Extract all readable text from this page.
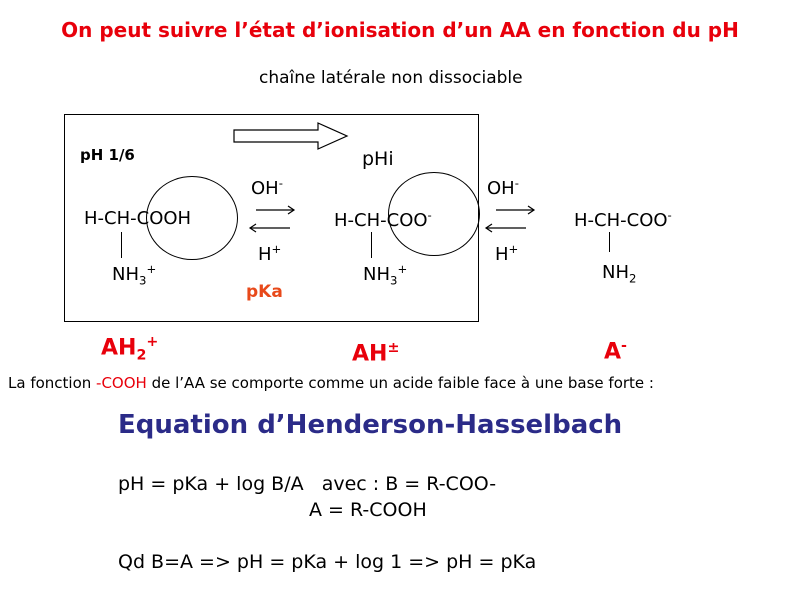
On peut suivre l’état d’ionisation d’un AA en fonction du pH
chaîne latérale non dissociable
pH 1/6	pHi
H-CH-COOH
$NH_3^+$
H-CH-COO-
$NH_3^+$
H-CH-COO-
$NH_2$
OH-
H+
pKa
OH-
H+
$AH_2^+$	AH±	A-
La fonction -COOH de l’AA se comporte comme un acide faible face à une base forte :
Equation d’Henderson-Hasselbach
pH = pKa + log B/A   avec : B = R-COO-
A = R-COOH
Qd B=A => pH = pKa + log 1 => pH = pKa
